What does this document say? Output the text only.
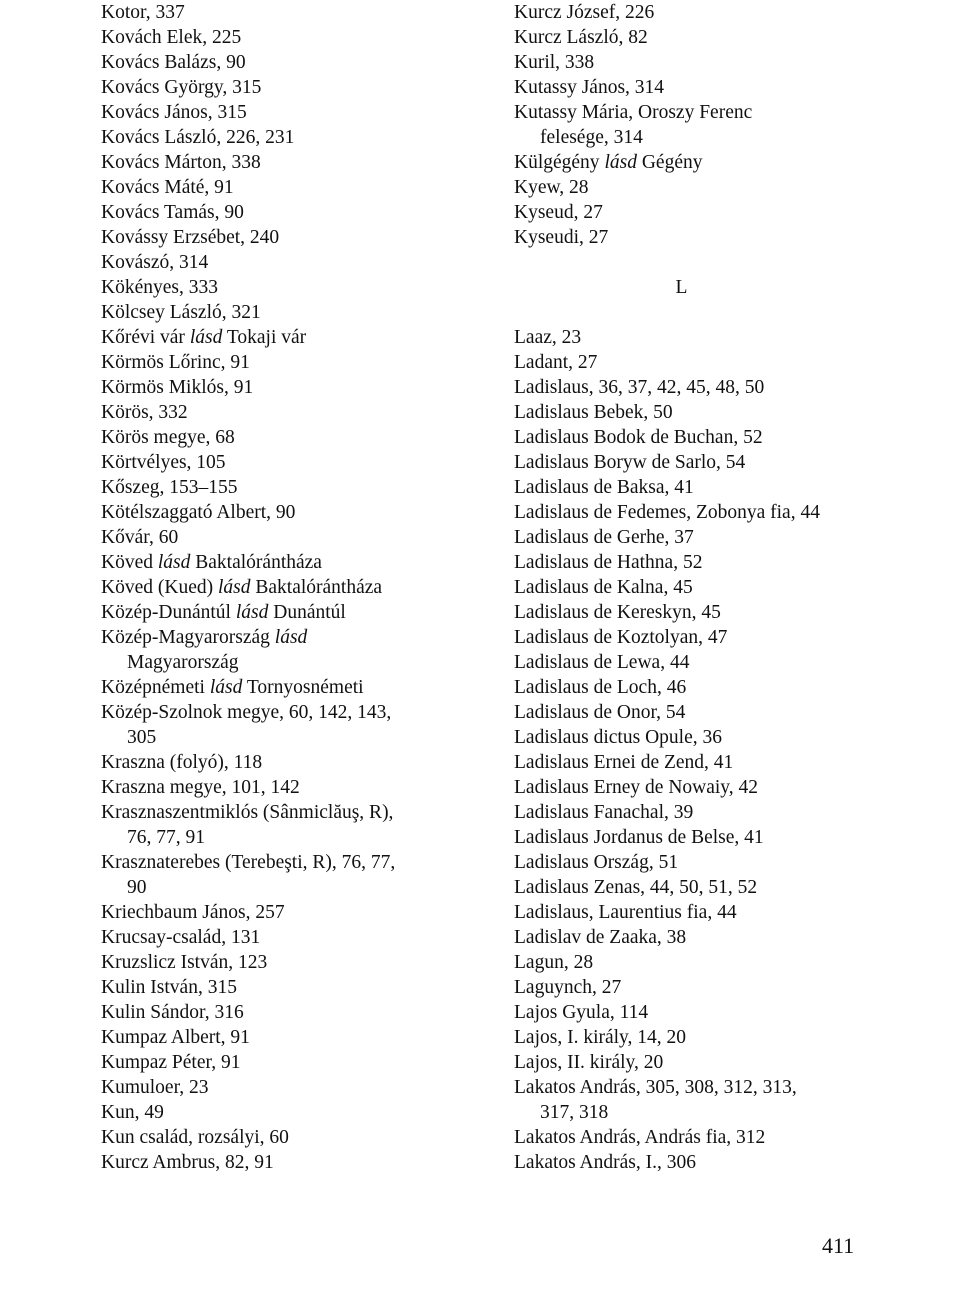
Kotor, 337
Kovách Elek, 225
Kovács Balázs, 90
Kovács György, 315
Kovács János, 315
Kovács László, 226, 231
Kovács Márton, 338
Kovács Máté, 91
Kovács Tamás, 90
Kovássy Erzsébet, 240
Kovászó, 314
Kökényes, 333
Kölcsey László, 321
Kőrévi vár lásd Tokaji vár
Körmös Lőrinc, 91
Körmös Miklós, 91
Körös, 332
Körös megye, 68
Körtvélyes, 105
Kőszeg, 153–155
Kötélszaggató Albert, 90
Kővár, 60
Köved lásd Baktalórántháza
Köved (Kued) lásd Baktalórántháza
Közép-Dunántúl lásd Dunántúl
Közép-Magyarország lásd
Magyarország
Középnémeti lásd Tornyosnémeti
Közép-Szolnok megye, 60, 142, 143,
305
Kraszna (folyó), 118
Kraszna megye, 101, 142
Krasznaszentmiklós (Sânmiclăuş, R),
76, 77, 91
Krasznaterebes (Terebeşti, R), 76, 77,
90
Kriechbaum János, 257
Krucsay-család, 131
Kruzslicz István, 123
Kulin István, 315
Kulin Sándor, 316
Kumpaz Albert, 91
Kumpaz Péter, 91
Kumuloer, 23
Kun, 49
Kun család, rozsályi, 60
Kurcz Ambrus, 82, 91
Kurcz József, 226
Kurcz László, 82
Kuril, 338
Kutassy János, 314
Kutassy Mária, Oroszy Ferenc
felesége, 314
Külgégény lásd Gégény
Kyew, 28
Kyseud, 27
Kyseudi, 27
L
Laaz, 23
Ladant, 27
Ladislaus, 36, 37, 42, 45, 48, 50
Ladislaus Bebek, 50
Ladislaus Bodok de Buchan, 52
Ladislaus Boryw de Sarlo, 54
Ladislaus de Baksa, 41
Ladislaus de Fedemes, Zobonya fia, 44
Ladislaus de Gerhe, 37
Ladislaus de Hathna, 52
Ladislaus de Kalna, 45
Ladislaus de Kereskyn, 45
Ladislaus de Koztolyan, 47
Ladislaus de Lewa, 44
Ladislaus de Loch, 46
Ladislaus de Onor, 54
Ladislaus dictus Opule, 36
Ladislaus Ernei de Zend, 41
Ladislaus Erney de Nowaiy, 42
Ladislaus Fanachal, 39
Ladislaus Jordanus de Belse, 41
Ladislaus Ország, 51
Ladislaus Zenas, 44, 50, 51, 52
Ladislaus, Laurentius fia, 44
Ladislav de Zaaka, 38
Lagun, 28
Laguynch, 27
Lajos Gyula, 114
Lajos, I. király, 14, 20
Lajos, II. király, 20
Lakatos András, 305, 308, 312, 313,
317, 318
Lakatos András, András fia, 312
Lakatos András, I., 306
411
